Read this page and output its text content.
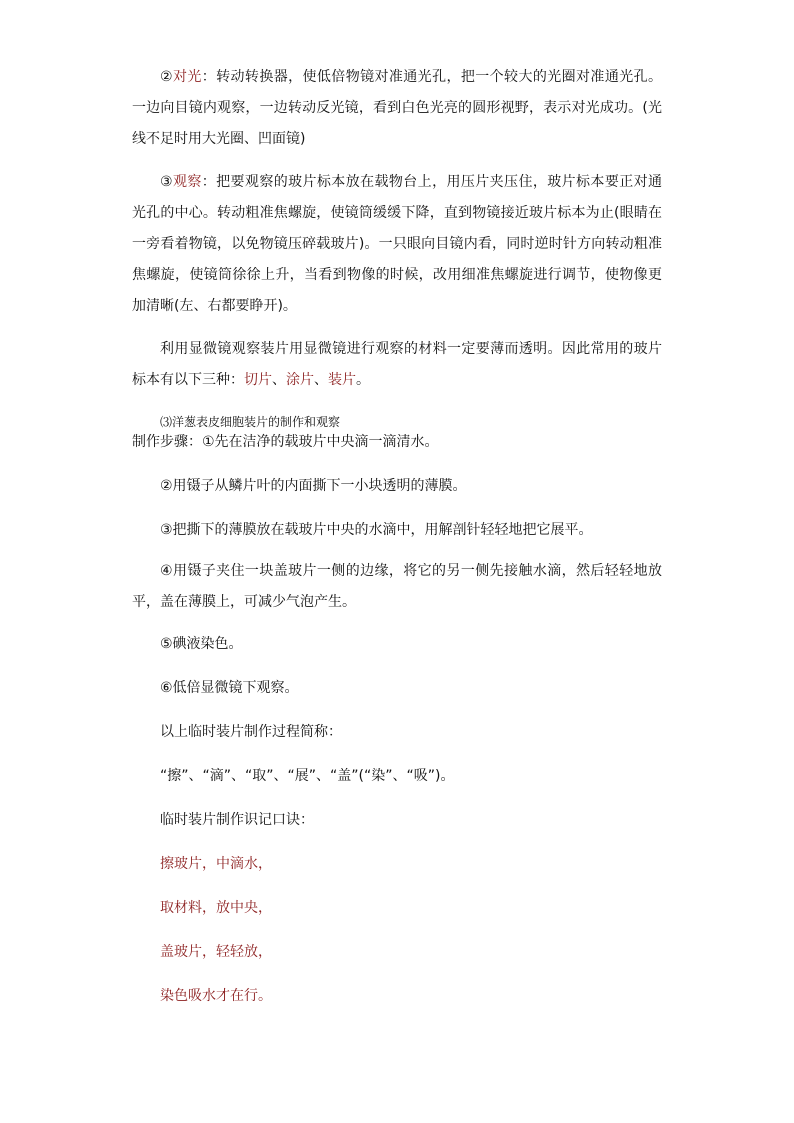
②对光：转动转换器，使低倍物镜对准通光孔，把一个较大的光圈对准通光孔。一边向目镜内观察，一边转动反光镜，看到白色光亮的圆形视野，表示对光成功。(光线不足时用大光圈、凹面镜)

③观察：把要观察的玻片标本放在载物台上，用压片夹压住，玻片标本要正对通光孔的中心。转动粗准焦螺旋，使镜筒缓缓下降，直到物镜接近玻片标本为止(眼睛在一旁看着物镜，以免物镜压碎载玻片)。一只眼向目镜内看，同时逆时针方向转动粗准焦螺旋，使镜筒徐徐上升，当看到物像的时候，改用细准焦螺旋进行调节，使物像更加清晰(左、右都要睁开)。

利用显微镜观察装片用显微镜进行观察的材料一定要薄而透明。因此常用的玻片标本有以下三种：切片、涂片、装片。

⑶洋葱表皮细胞装片的制作和观察

制作步骤：①先在洁净的载玻片中央滴一滴清水。

②用镊子从鳞片叶的内面撕下一小块透明的薄膜。

③把撕下的薄膜放在载玻片中央的水滴中，用解剖针轻轻地把它展平。

④用镊子夹住一块盖玻片一侧的边缘，将它的另一侧先接触水滴，然后轻轻地放平，盖在薄膜上，可减少气泡产生。

⑤碘液染色。

⑥低倍显微镜下观察。

以上临时装片制作过程简称：

“擦”、“滴”、“取”、“展”、“盖”(“染”、“吸”)。

临时装片制作识记口诀：

擦玻片，中滴水，

取材料，放中央，

盖玻片，轻轻放，

染色吸水才在行。
